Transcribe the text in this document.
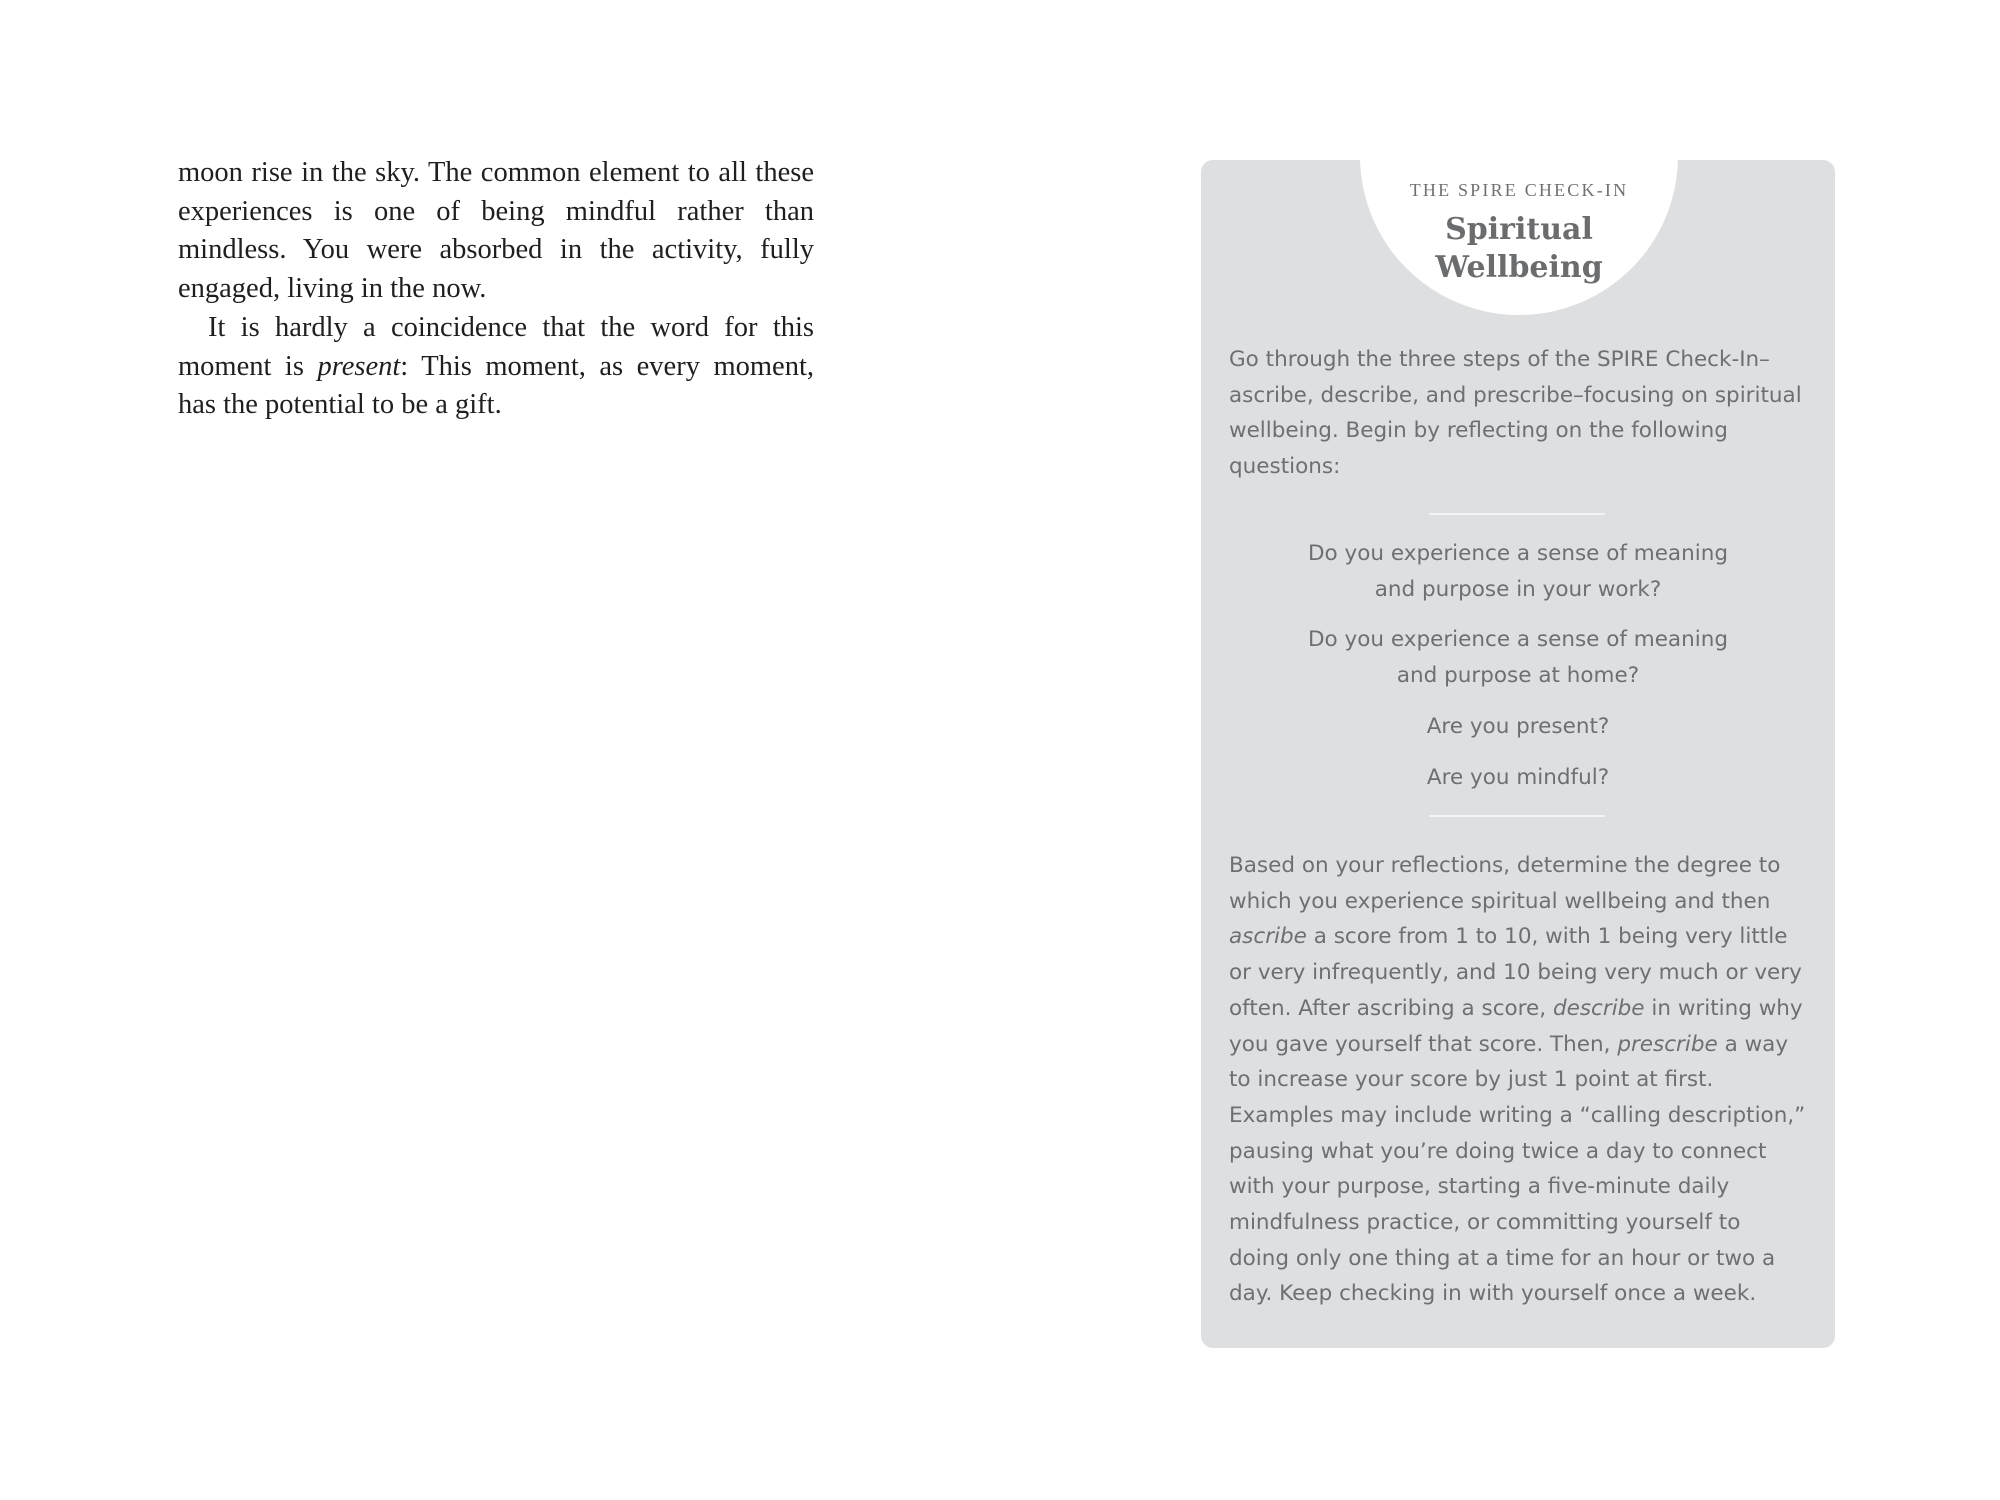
moon rise in the sky. The common element to all these experiences is one of being mindful rather than mindless. You were absorbed in the activity, fully engaged, living in the now.

It is hardly a coincidence that the word for this moment is present: This moment, as every moment, has the potential to be a gift.

THE SPIRE CHECK-IN
Spiritual
Wellbeing

Go through the three steps of the SPIRE Check-In–ascribe, describe, and prescribe–focusing on spiritual wellbeing. Begin by reflecting on the following questions:

Do you experience a sense of meaning
and purpose in your work?

Do you experience a sense of meaning
and purpose at home?

Are you present?

Are you mindful?

Based on your reflections, determine the degree to which you experience spiritual wellbeing and then ascribe a score from 1 to 10, with 1 being very little or very infrequently, and 10 being very much or very often. After ascribing a score, describe in writing why you gave yourself that score. Then, prescribe a way to increase your score by just 1 point at first. Examples may include writing a “calling description,” pausing what you’re doing twice a day to connect with your purpose, starting a five-minute daily mindfulness practice, or committing yourself to doing only one thing at a time for an hour or two a day. Keep checking in with yourself once a week.
